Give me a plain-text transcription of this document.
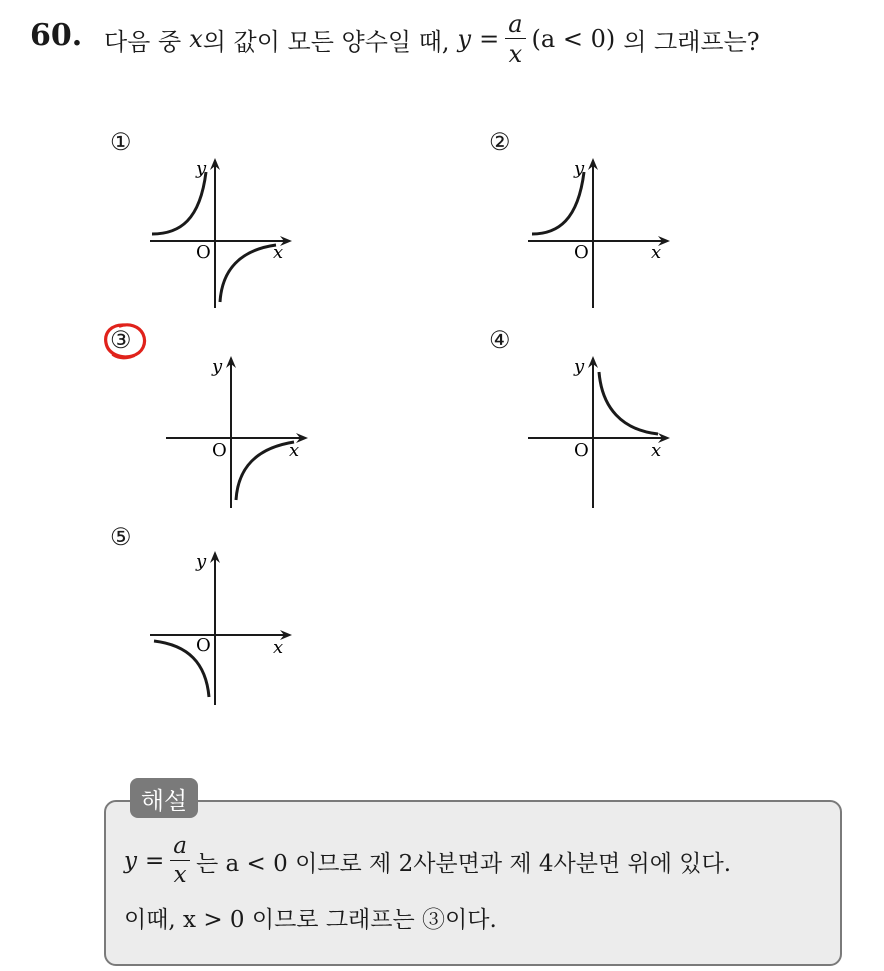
60. 다음 중 x 의 값이 모든 양수일 때, $y = \frac{a}{x} (a < 0)$ 의 그래프는?
①	②
③	④
⑤
y
x
O
y
x
O
y
x
O
y
x
O
y
x
O
해설
$y = \frac{a}{x}$ 는 a < 0 이므로 제 2사분면과 제 4사분면 위에 있다.
이때, x > 0 이므로 그래프는 ③이다.
